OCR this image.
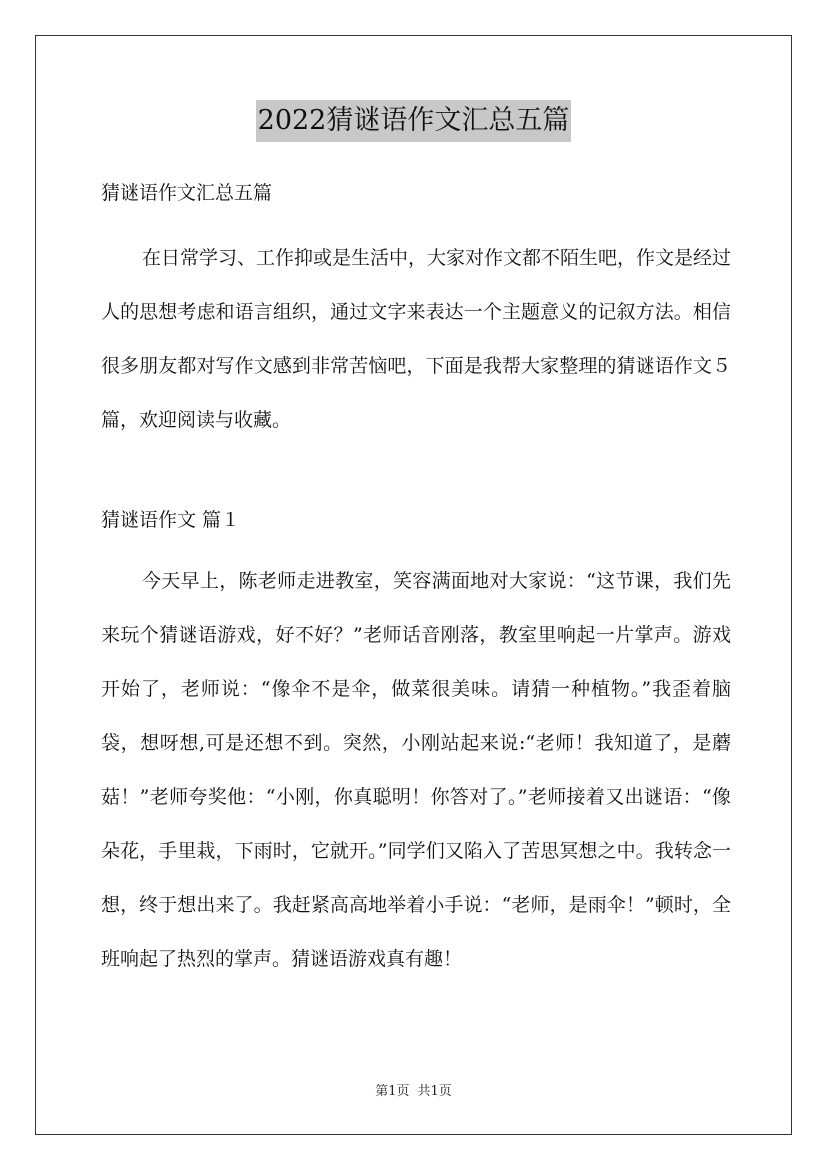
2022猜谜语作文汇总五篇

猜谜语作文汇总五篇

在日常学习、工作抑或是生活中，大家对作文都不陌生吧，作文是经过人的思想考虑和语言组织，通过文字来表达一个主题意义的记叙方法。相信很多朋友都对写作文感到非常苦恼吧，下面是我帮大家整理的猜谜语作文５篇，欢迎阅读与收藏。

猜谜语作文 篇１

今天早上，陈老师走进教室，笑容满面地对大家说：“这节课，我们先来玩个猜谜语游戏，好不好？”老师话音刚落，教室里响起一片掌声。游戏开始了，老师说：“像伞不是伞，做菜很美味。请猜一种植物。”我歪着脑袋，想呀想,可是还想不到。突然，小刚站起来说:“老师！我知道了，是蘑菇！”老师夸奖他：“小刚，你真聪明！你答对了。”老师接着又出谜语：“像朵花，手里栽，下雨时，它就开。”同学们又陷入了苦思冥想之中。我转念一想，终于想出来了。我赶紧高高地举着小手说：“老师，是雨伞！”顿时，全班响起了热烈的掌声。猜谜语游戏真有趣！

第1页 共1页
